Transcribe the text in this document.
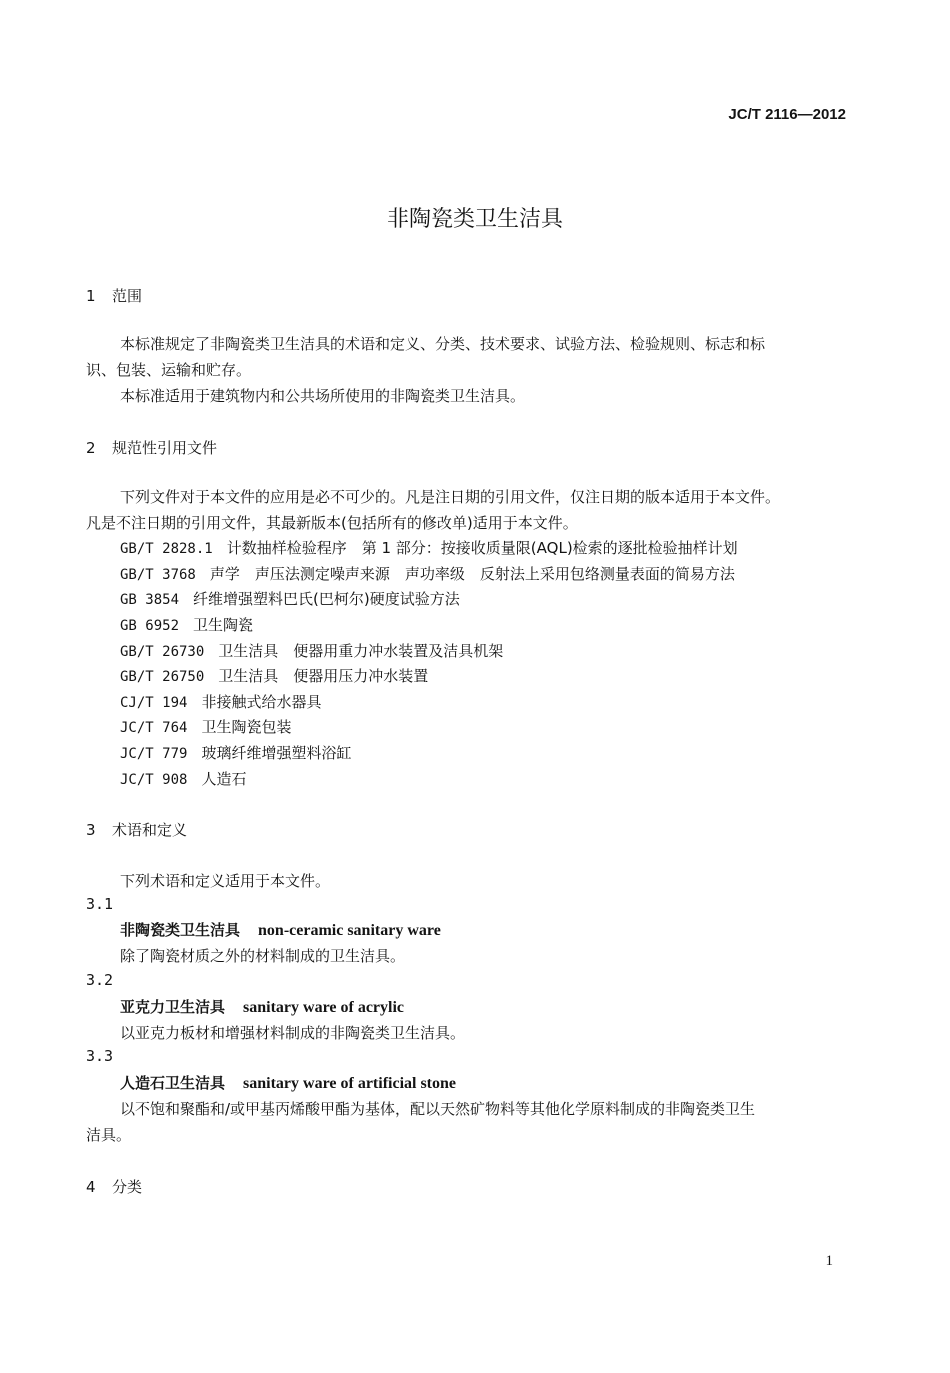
JC/T 2116—2012
非陶瓷类卫生洁具
1 范围
本标准规定了非陶瓷类卫生洁具的术语和定义、分类、技术要求、试验方法、检验规则、标志和标
识、包装、运输和贮存。
本标准适用于建筑物内和公共场所使用的非陶瓷类卫生洁具。
2 规范性引用文件
下列文件对于本文件的应用是必不可少的。凡是注日期的引用文件，仅注日期的版本适用于本文件。
凡是不注日期的引用文件，其最新版本(包括所有的修改单)适用于本文件。
GB/T 2828.1 计数抽样检验程序　第 1 部分：按接收质量限(AQL)检索的逐批检验抽样计划
GB/T 3768 声学　声压法测定噪声来源　声功率级　反射法上采用包络测量表面的简易方法
GB 3854 纤维增强塑料巴氏(巴柯尔)硬度试验方法
GB 6952 卫生陶瓷
GB/T 26730 卫生洁具　便器用重力冲水装置及洁具机架
GB/T 26750 卫生洁具　便器用压力冲水装置
CJ/T 194 非接触式给水器具
JC/T 764 卫生陶瓷包装
JC/T 779 玻璃纤维增强塑料浴缸
JC/T 908 人造石
3 术语和定义
下列术语和定义适用于本文件。
3.1
非陶瓷类卫生洁具 non-ceramic sanitary ware
除了陶瓷材质之外的材料制成的卫生洁具。
3.2
亚克力卫生洁具 sanitary ware of acrylic
以亚克力板材和增强材料制成的非陶瓷类卫生洁具。
3.3
人造石卫生洁具 sanitary ware of artificial stone
以不饱和聚酯和/或甲基丙烯酸甲酯为基体，配以天然矿物料等其他化学原料制成的非陶瓷类卫生
洁具。
4 分类
1
